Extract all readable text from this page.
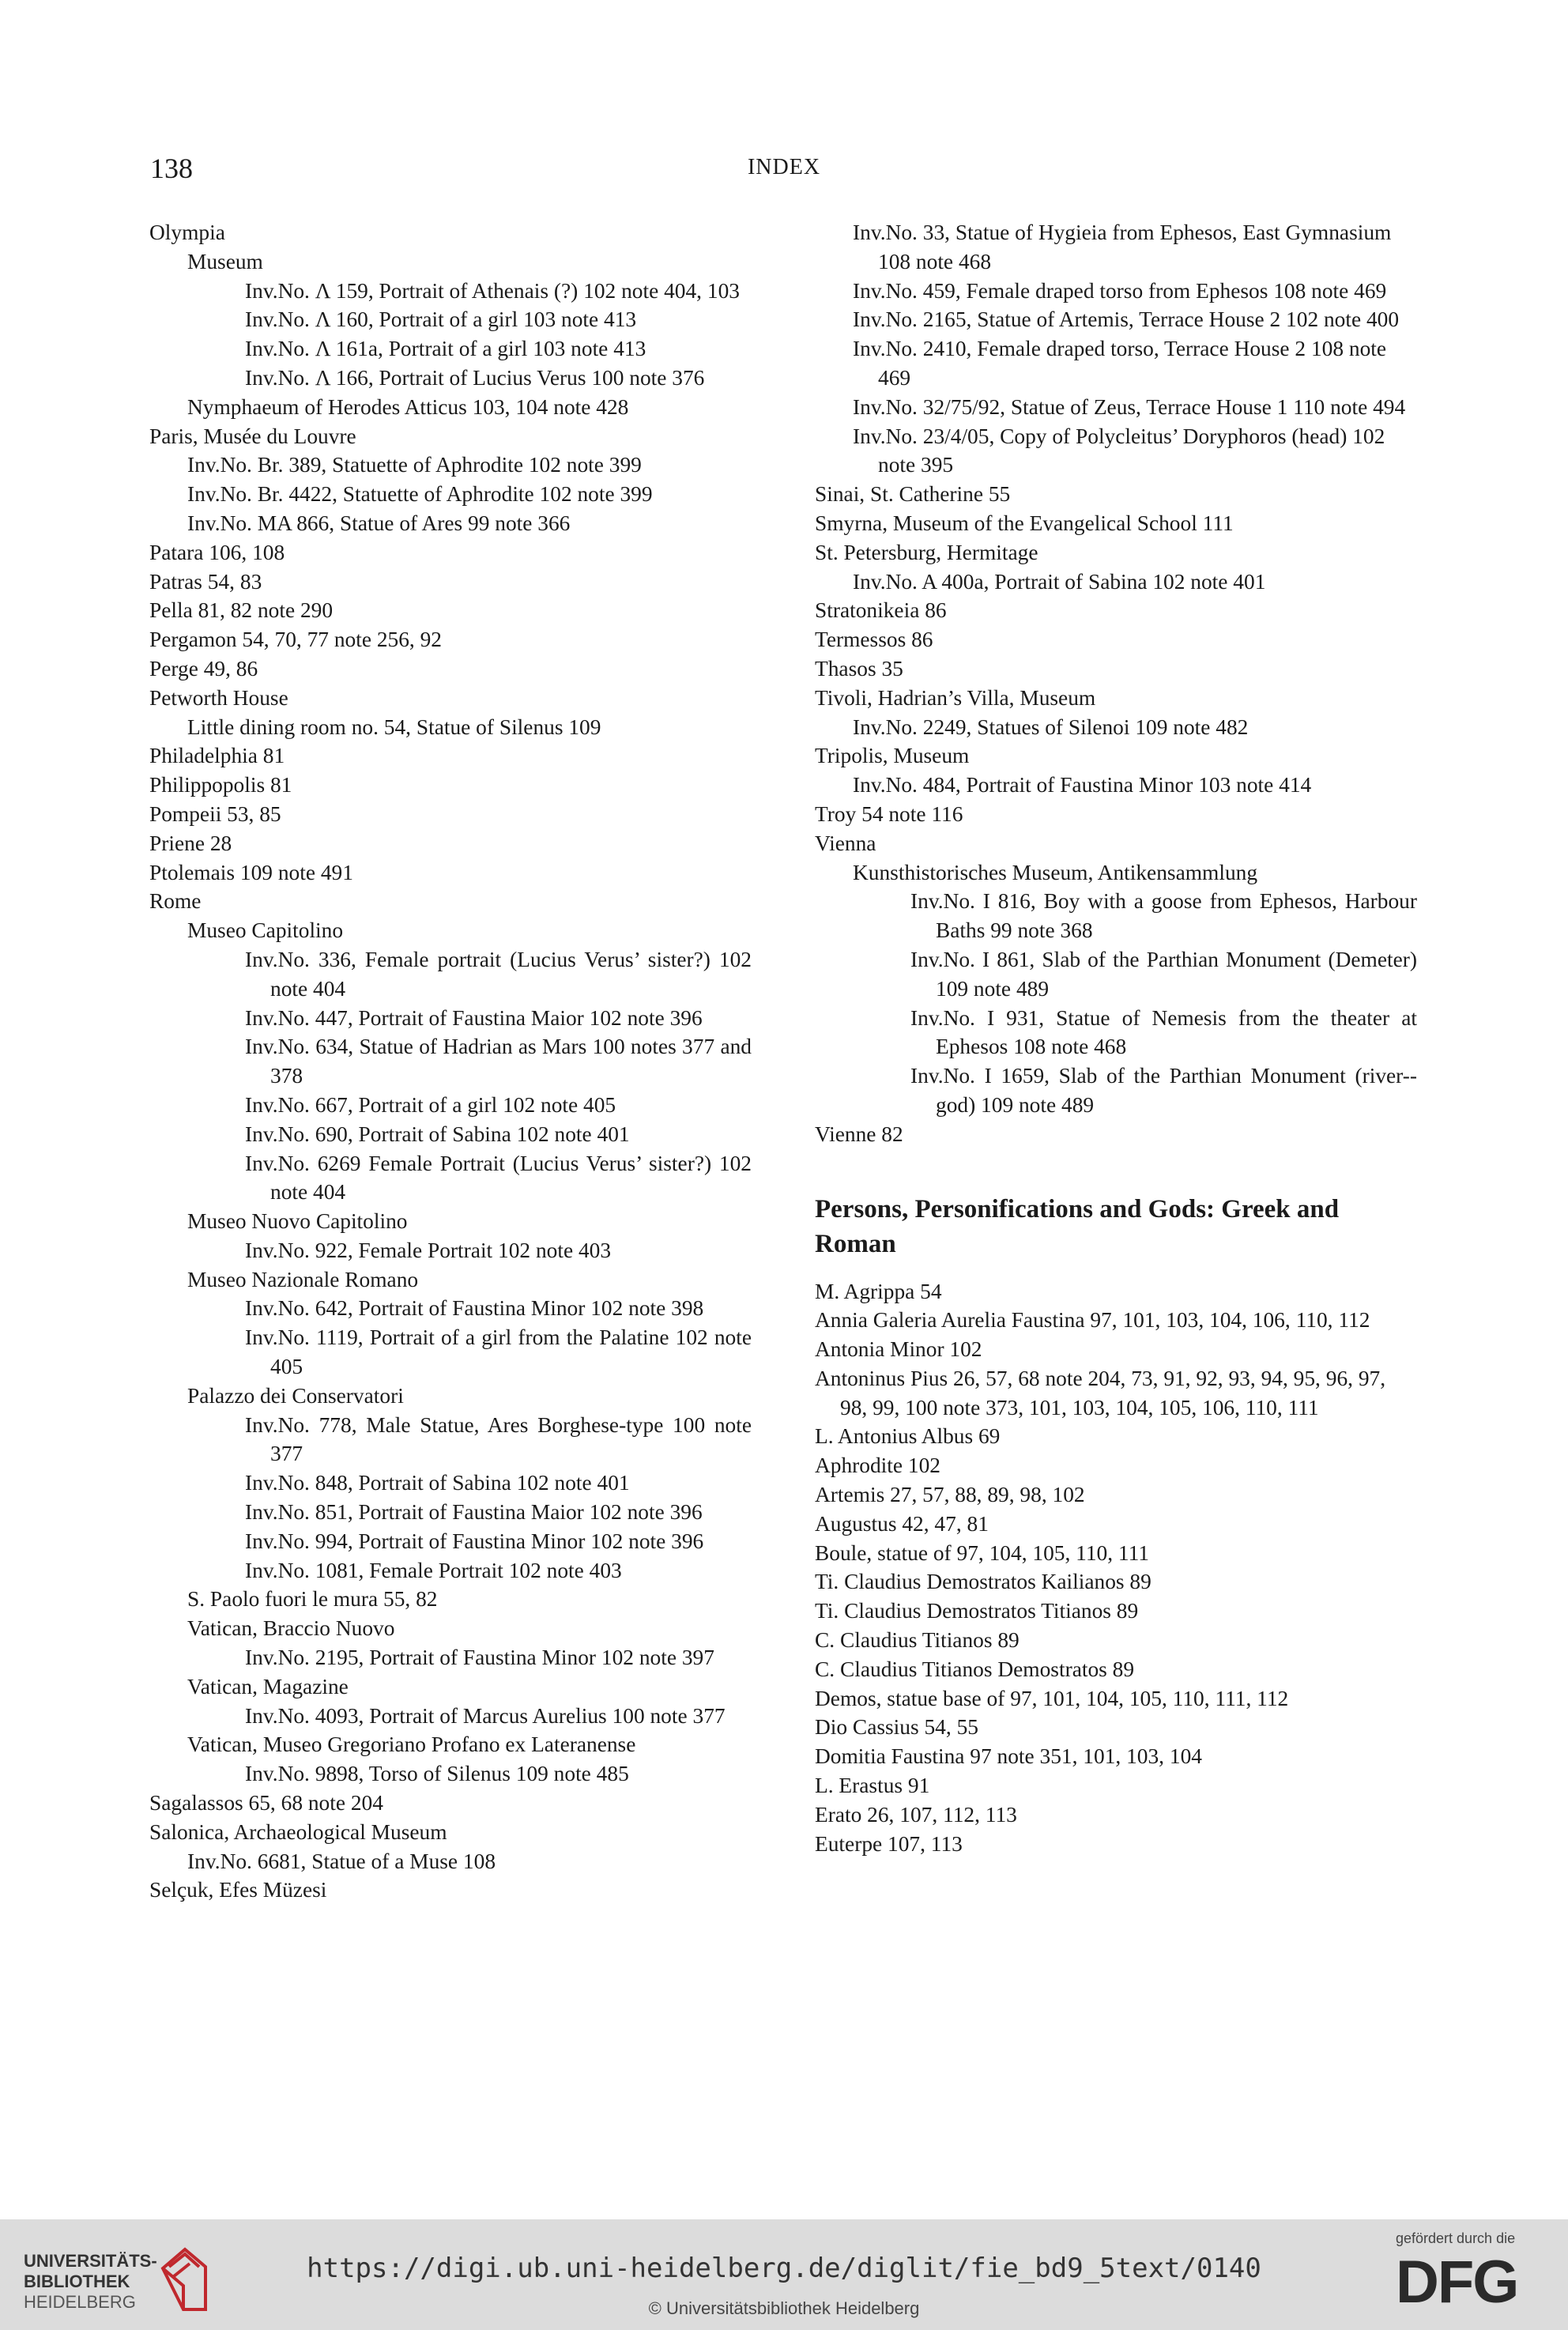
138	INDEX
Olympia
Museum
Inv.No. Λ 159, Portrait of Athenais (?) 102 note 404, 103
Inv.No. Λ 160, Portrait of a girl 103 note 413
Inv.No. Λ 161a, Portrait of a girl 103 note 413
Inv.No. Λ 166, Portrait of Lucius Verus 100 note 376
Nymphaeum of Herodes Atticus 103, 104 note 428
Paris, Musée du Louvre
Inv.No. Br. 389, Statuette of Aphrodite 102 note 399
Inv.No. Br. 4422, Statuette of Aphrodite 102 note 399
Inv.No. MA 866, Statue of Ares 99 note 366
Patara 106, 108
Patras 54, 83
Pella 81, 82 note 290
Pergamon 54, 70, 77 note 256, 92
Perge 49, 86
Petworth House
Little dining room no. 54, Statue of Silenus 109
Philadelphia 81
Philippopolis 81
Pompeii 53, 85
Priene 28
Ptolemais 109 note 491
Rome
Museo Capitolino
Inv.No. 336, Female portrait (Lucius Verus’ sister?) 102 note 404
Inv.No. 447, Portrait of Faustina Maior 102 note 396
Inv.No. 634, Statue of Hadrian as Mars 100 notes 377 and 378
Inv.No. 667, Portrait of a girl 102 note 405
Inv.No. 690, Portrait of Sabina 102 note 401
Inv.No. 6269 Female Portrait (Lucius Verus’ sister?) 102 note 404
Museo Nuovo Capitolino
Inv.No. 922, Female Portrait 102 note 403
Museo Nazionale Romano
Inv.No. 642, Portrait of Faustina Minor 102 note 398
Inv.No. 1119, Portrait of a girl from the Palatine 102 note 405
Palazzo dei Conservatori
Inv.No. 778, Male Statue, Ares Borghese-type 100 note 377
Inv.No. 848, Portrait of Sabina 102 note 401
Inv.No. 851, Portrait of Faustina Maior 102 note 396
Inv.No. 994, Portrait of Faustina Minor 102 note 396
Inv.No. 1081, Female Portrait 102 note 403
S. Paolo fuori le mura 55, 82
Vatican, Braccio Nuovo
Inv.No. 2195, Portrait of Faustina Minor 102 note 397
Vatican, Magazine
Inv.No. 4093, Portrait of Marcus Aurelius 100 note 377
Vatican, Museo Gregoriano Profano ex Lateranense
Inv.No. 9898, Torso of Silenus 109 note 485
Sagalassos 65, 68 note 204
Salonica, Archaeological Museum
Inv.No. 6681, Statue of a Muse 108
Selçuk, Efes Müzesi
Inv.No. 33, Statue of Hygieia from Ephesos, East Gymnasium 108 note 468
Inv.No. 459, Female draped torso from Ephesos 108 note 469
Inv.No. 2165, Statue of Artemis, Terrace House 2 102 note 400
Inv.No. 2410, Female draped torso, Terrace House 2 108 note 469
Inv.No. 32/75/92, Statue of Zeus, Terrace House 1 110 note 494
Inv.No. 23/4/05, Copy of Polycleitus’ Doryphoros (head) 102 note 395
Sinai, St. Catherine 55
Smyrna, Museum of the Evangelical School 111
St. Petersburg, Hermitage
Inv.No. A 400a, Portrait of Sabina 102 note 401
Stratonikeia 86
Termessos 86
Thasos 35
Tivoli, Hadrian’s Villa, Museum
Inv.No. 2249, Statues of Silenoi 109 note 482
Tripolis, Museum
Inv.No. 484, Portrait of Faustina Minor 103 note 414
Troy 54 note 116
Vienna
Kunsthistorisches Museum, Antikensammlung
Inv.No. I 816, Boy with a goose from Ephesos, Harbour Baths 99 note 368
Inv.No. I 861, Slab of the Parthian Monument (Demeter) 109 note 489
Inv.No. I 931, Statue of Nemesis from the theater at Ephesos 108 note 468
Inv.No. I 1659, Slab of the Parthian Monument (river--god) 109 note 489
Vienne 82
Persons, Personifications and Gods: Greek and Roman
M. Agrippa 54
Annia Galeria Aurelia Faustina 97, 101, 103, 104, 106, 110, 112
Antonia Minor 102
Antoninus Pius 26, 57, 68 note 204, 73, 91, 92, 93, 94, 95, 96, 97, 98, 99, 100 note 373, 101, 103, 104, 105, 106, 110, 111
L. Antonius Albus 69
Aphrodite 102
Artemis 27, 57, 88, 89, 98, 102
Augustus 42, 47, 81
Boule, statue of 97, 104, 105, 110, 111
Ti. Claudius Demostratos Kailianos 89
Ti. Claudius Demostratos Titianos 89
C. Claudius Titianos 89
C. Claudius Titianos Demostratos 89
Demos, statue base of 97, 101, 104, 105, 110, 111, 112
Dio Cassius 54, 55
Domitia Faustina 97 note 351, 101, 103, 104
L. Erastus 91
Erato 26, 107, 112, 113
Euterpe 107, 113
UNIVERSITÄTS-
BIBLIOTHEK
HEIDELBERG
https://digi.ub.uni-heidelberg.de/diglit/fie_bd9_5text/0140
© Universitätsbibliothek Heidelberg
gefördert durch die
DFG
